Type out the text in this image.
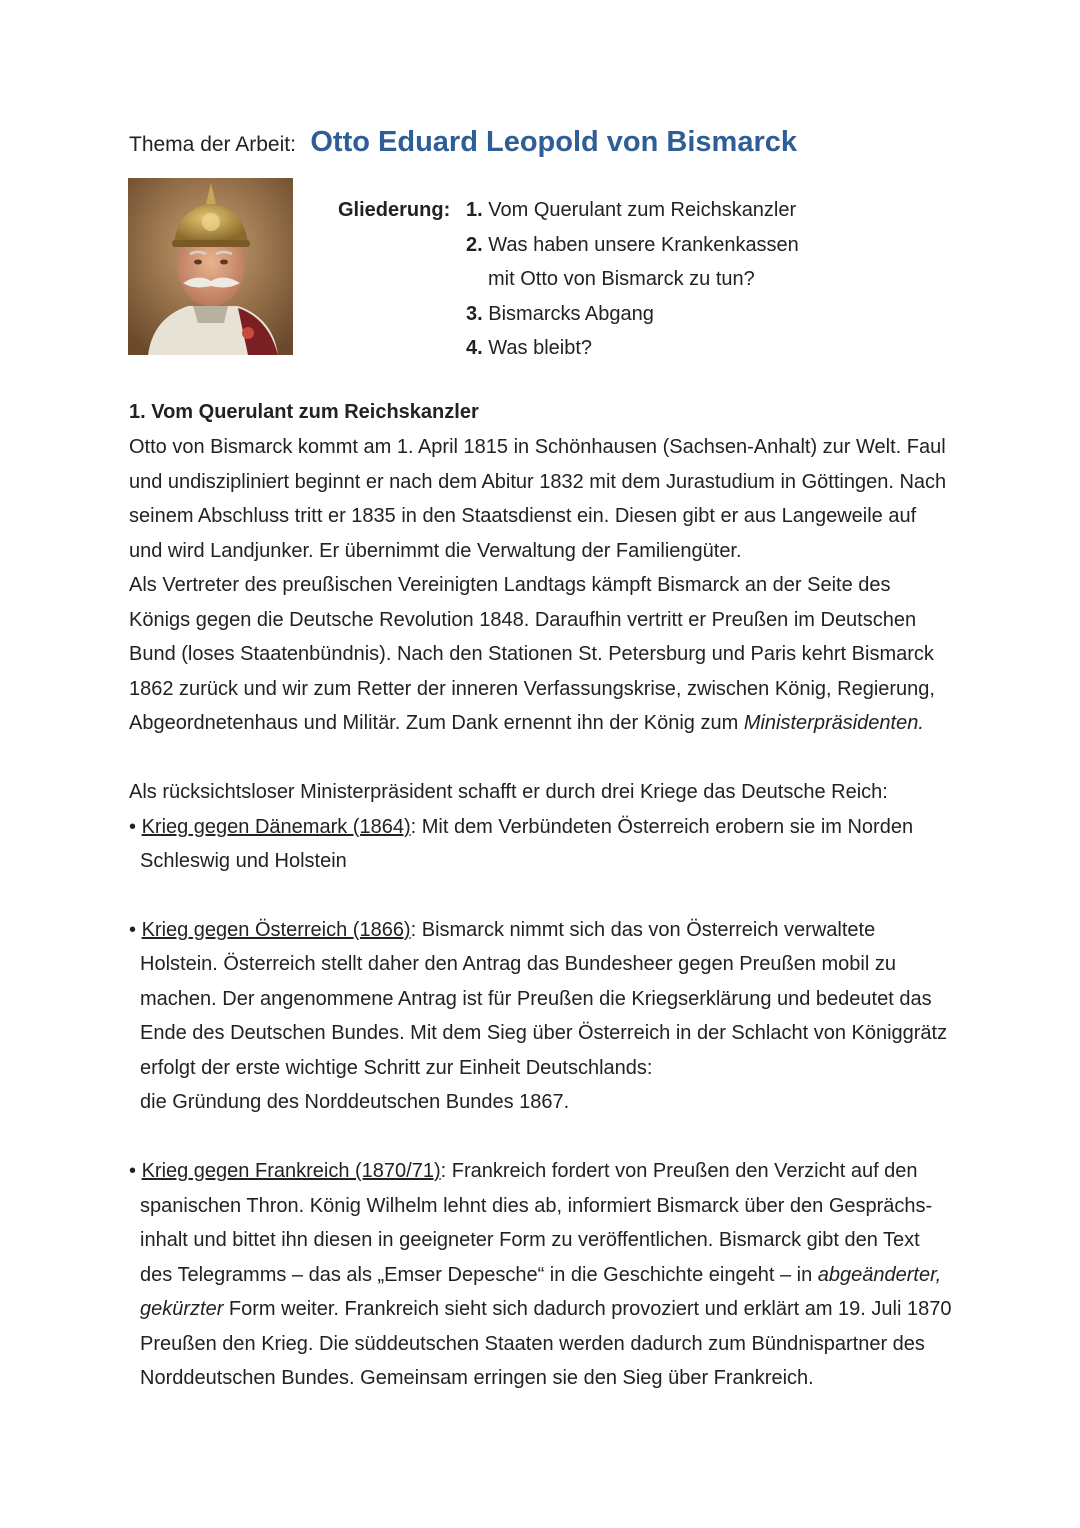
Thema der Arbeit: Otto Eduard Leopold von Bismarck
Gliederung: 1. Vom Querulant zum Reichskanzler
2. Was haben unsere Krankenkassen
mit Otto von Bismarck zu tun?
3. Bismarcks Abgang
4. Was bleibt?
1. Vom Querulant zum Reichskanzler
Otto von Bismarck kommt am 1. April 1815 in Schönhausen (Sachsen-Anhalt) zur Welt. Faul
und undiszipliniert beginnt er nach dem Abitur 1832 mit dem Jurastudium in Göttingen. Nach
seinem Abschluss tritt er 1835 in den Staatsdienst ein. Diesen gibt er aus Langeweile auf
und wird Landjunker. Er übernimmt die Verwaltung der Familiengüter.
Als Vertreter des preußischen Vereinigten Landtags kämpft Bismarck an der Seite des
Königs gegen die Deutsche Revolution 1848. Daraufhin vertritt er Preußen im Deutschen
Bund (loses Staatenbündnis). Nach den Stationen St. Petersburg und Paris kehrt Bismarck
1862 zurück und wir zum Retter der inneren Verfassungskrise, zwischen König, Regierung,
Abgeordnetenhaus und Militär. Zum Dank ernennt ihn der König zum Ministerpräsidenten.
Als rücksichtsloser Ministerpräsident schafft er durch drei Kriege das Deutsche Reich:
• Krieg gegen Dänemark (1864): Mit dem Verbündeten Österreich erobern sie im Norden
Schleswig und Holstein
• Krieg gegen Österreich (1866): Bismarck nimmt sich das von Österreich verwaltete
Holstein. Österreich stellt daher den Antrag das Bundesheer gegen Preußen mobil zu
machen. Der angenommene Antrag ist für Preußen die Kriegserklärung und bedeutet das
Ende des Deutschen Bundes. Mit dem Sieg über Österreich in der Schlacht von Königgrätz
erfolgt der erste wichtige Schritt zur Einheit Deutschlands:
die Gründung des Norddeutschen Bundes 1867.
• Krieg gegen Frankreich (1870/71): Frankreich fordert von Preußen den Verzicht auf den
spanischen Thron. König Wilhelm lehnt dies ab, informiert Bismarck über den Gesprächs-
inhalt und bittet ihn diesen in geeigneter Form zu veröffentlichen. Bismarck gibt den Text
des Telegramms – das als „Emser Depesche“ in die Geschichte eingeht – in abgeänderter,
gekürzter Form weiter. Frankreich sieht sich dadurch provoziert und erklärt am 19. Juli 1870
Preußen den Krieg. Die süddeutschen Staaten werden dadurch zum Bündnispartner des
Norddeutschen Bundes. Gemeinsam erringen sie den Sieg über Frankreich.
